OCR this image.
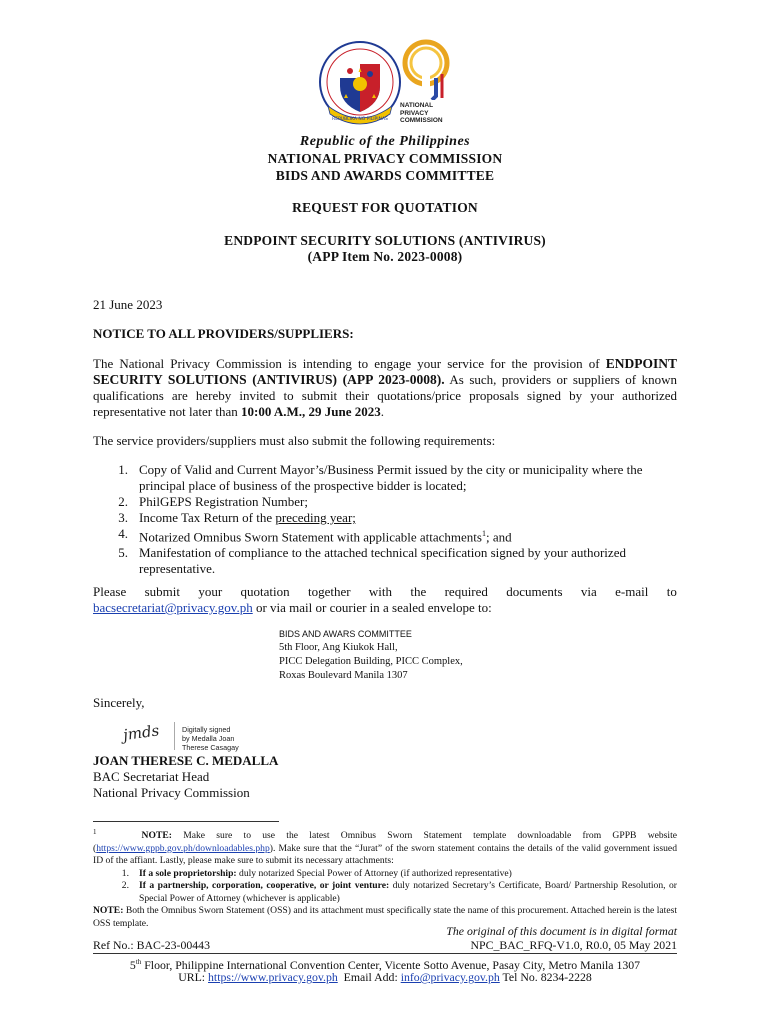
REPUBLIKA NG PILIPINAS
NATIONAL
PRIVACY
COMMISSION
Republic of the Philippines
NATIONAL PRIVACY COMMISSION
BIDS AND AWARDS COMMITTEE
REQUEST FOR QUOTATION
ENDPOINT SECURITY SOLUTIONS (ANTIVIRUS)
(APP Item No. 2023-0008)
21 June 2023
NOTICE TO ALL PROVIDERS/SUPPLIERS:
The National Privacy Commission is intending to engage your service for the provision of ENDPOINT SECURITY SOLUTIONS (ANTIVIRUS) (APP 2023-0008). As such, providers or suppliers of known qualifications are hereby invited to submit their quotations/price proposals signed by your authorized representative not later than 10:00 A.M., 29 June 2023.
The service providers/suppliers must also submit the following requirements:
1. Copy of Valid and Current Mayor’s/Business Permit issued by the city or municipality where the principal place of business of the prospective bidder is located;
2. PhilGEPS Registration Number;
3. Income Tax Return of the preceding year;
4. Notarized Omnibus Sworn Statement with applicable attachments$^1$; and
5. Manifestation of compliance to the attached technical specification signed by your authorized representative.
Please submit your quotation together with the required documents via e-mail to
bacsecretariat@privacy.gov.ph or via mail or courier in a sealed envelope to:
BIDS AND AWARS COMMITTEE
5th Floor, Ang Kiukok Hall,
PICC Delegation Building, PICC Complex,
Roxas Boulevard Manila 1307
Sincerely,
jmds	Digitally signed
by Medalla Joan
Therese Casagay
JOAN THERESE C. MEDALLA
BAC Secretariat Head
National Privacy Commission
$^1$	NOTE: Make sure to use the latest Omnibus Sworn Statement template downloadable from GPPB website (https://www.gppb.gov.ph/downloadables.php). Make sure that the “Jurat” of the sworn statement contains the details of the valid government issued ID of the affiant. Lastly, please make sure to submit its necessary attachments:
1.	If a sole proprietorship: duly notarized Special Power of Attorney (if authorized representative)
2.	If a partnership, corporation, cooperative, or joint venture: duly notarized Secretary’s Certificate, Board/ Partnership Resolution, or Special Power of Attorney (whichever is applicable)
NOTE: Both the Omnibus Sworn Statement (OSS) and its attachment must specifically state the name of this procurement. Attached herein is the latest OSS template.
The original of this document is in digital format
Ref No.: BAC-23-00443	NPC_BAC_RFQ-V1.0, R0.0, 05 May 2021
5th Floor, Philippine International Convention Center, Vicente Sotto Avenue, Pasay City, Metro Manila 1307
URL: https://www.privacy.gov.ph  Email Add: info@privacy.gov.ph Tel No. 8234-2228
